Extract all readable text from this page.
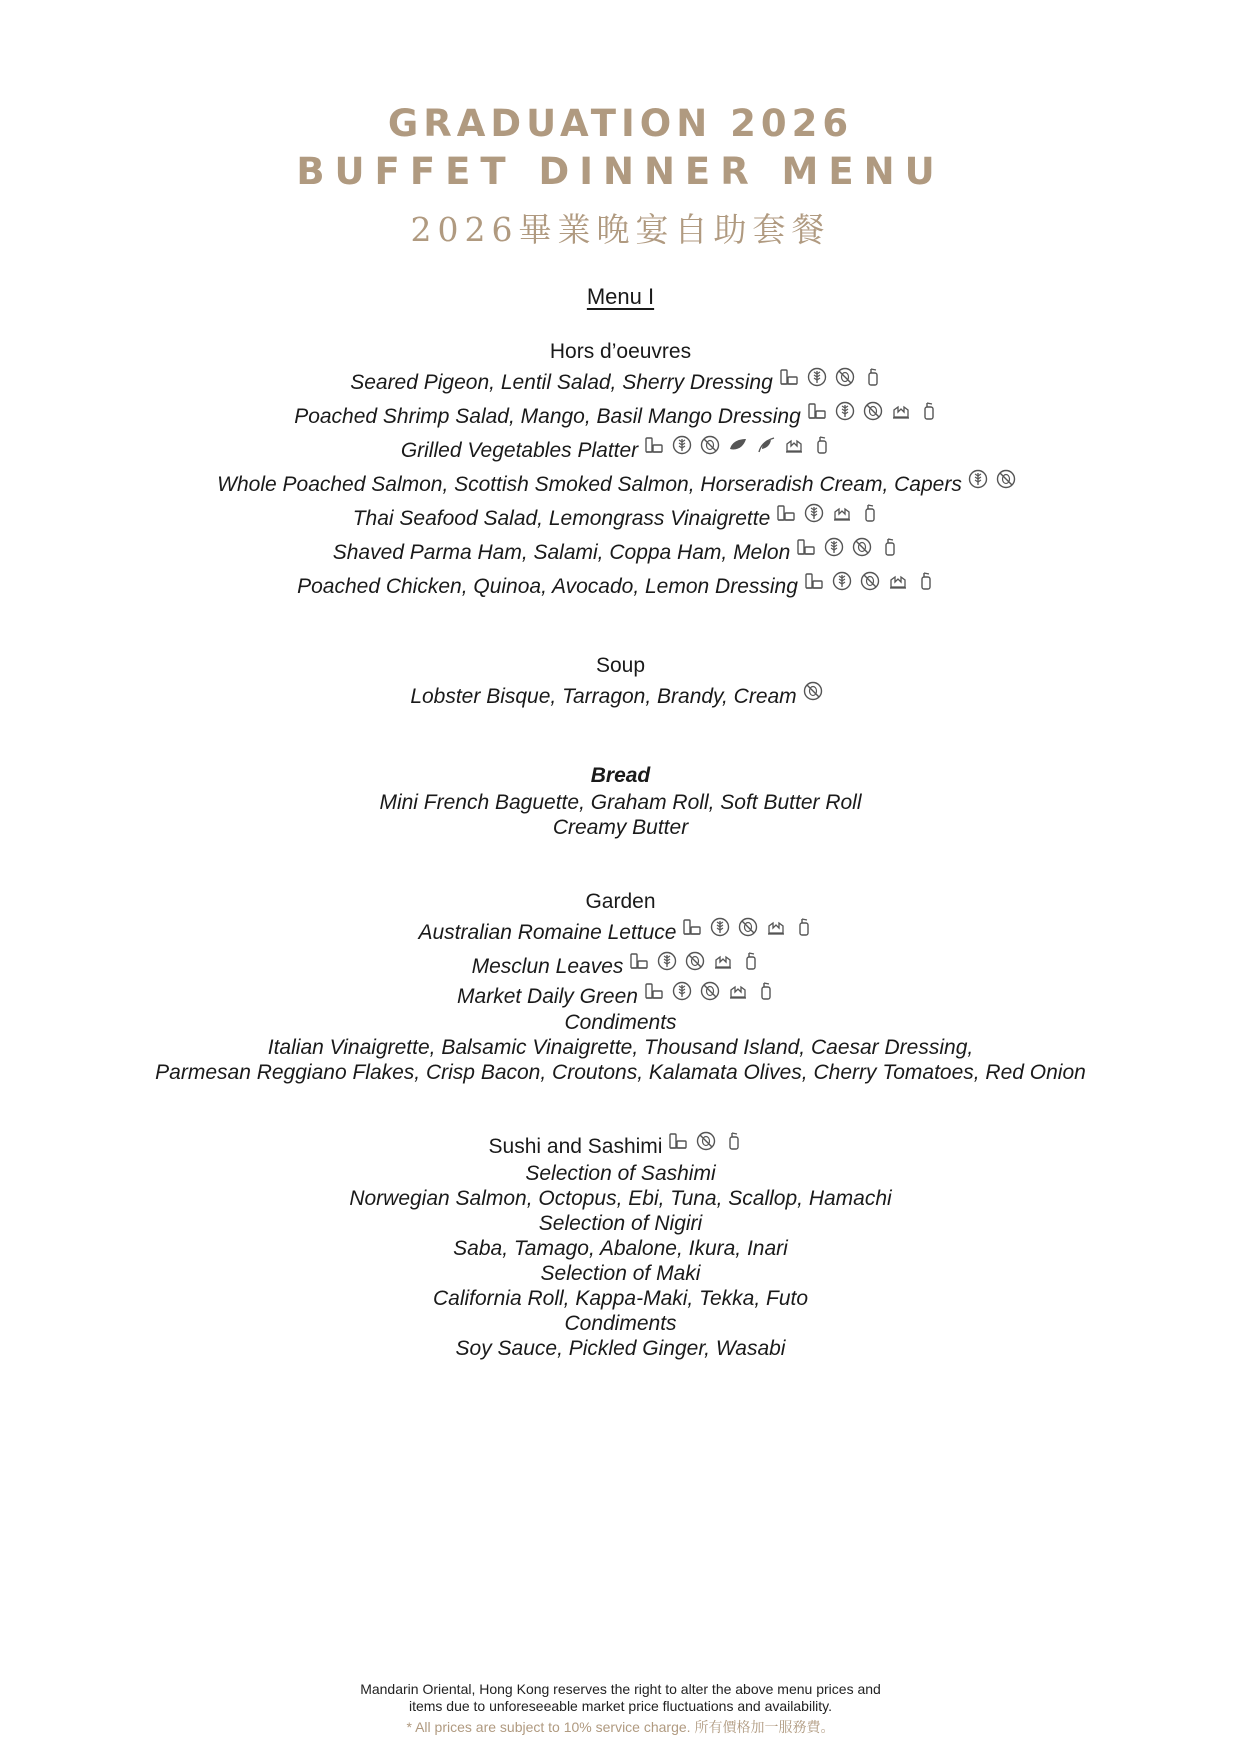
GRADUATION 2026
BUFFET DINNER MENU
2026畢業晚宴自助套餐
Menu I
Hors d’oeuvres
Seared Pigeon, Lentil Salad, Sherry Dressing
Poached Shrimp Salad, Mango, Basil Mango Dressing
Grilled Vegetables Platter
Whole Poached Salmon, Scottish Smoked Salmon, Horseradish Cream, Capers
Thai Seafood Salad, Lemongrass Vinaigrette
Shaved Parma Ham, Salami, Coppa Ham, Melon
Poached Chicken, Quinoa, Avocado, Lemon Dressing
Soup
Lobster Bisque, Tarragon, Brandy, Cream
Bread
Mini French Baguette, Graham Roll, Soft Butter Roll
Creamy Butter
Garden
Australian Romaine Lettuce
Mesclun Leaves
Market Daily Green
Condiments
Italian Vinaigrette, Balsamic Vinaigrette, Thousand Island, Caesar Dressing,
Parmesan Reggiano Flakes, Crisp Bacon, Croutons, Kalamata Olives, Cherry Tomatoes, Red Onion
Sushi and Sashimi
Selection of Sashimi
Norwegian Salmon, Octopus, Ebi, Tuna, Scallop, Hamachi
Selection of Nigiri
Saba, Tamago, Abalone, Ikura, Inari
Selection of Maki
California Roll, Kappa-Maki, Tekka, Futo
Condiments
Soy Sauce, Pickled Ginger, Wasabi
Mandarin Oriental, Hong Kong reserves the right to alter the above menu prices and
items due to unforeseeable market price fluctuations and availability.
* All prices are subject to 10% service charge. 所有價格加一服務費。
